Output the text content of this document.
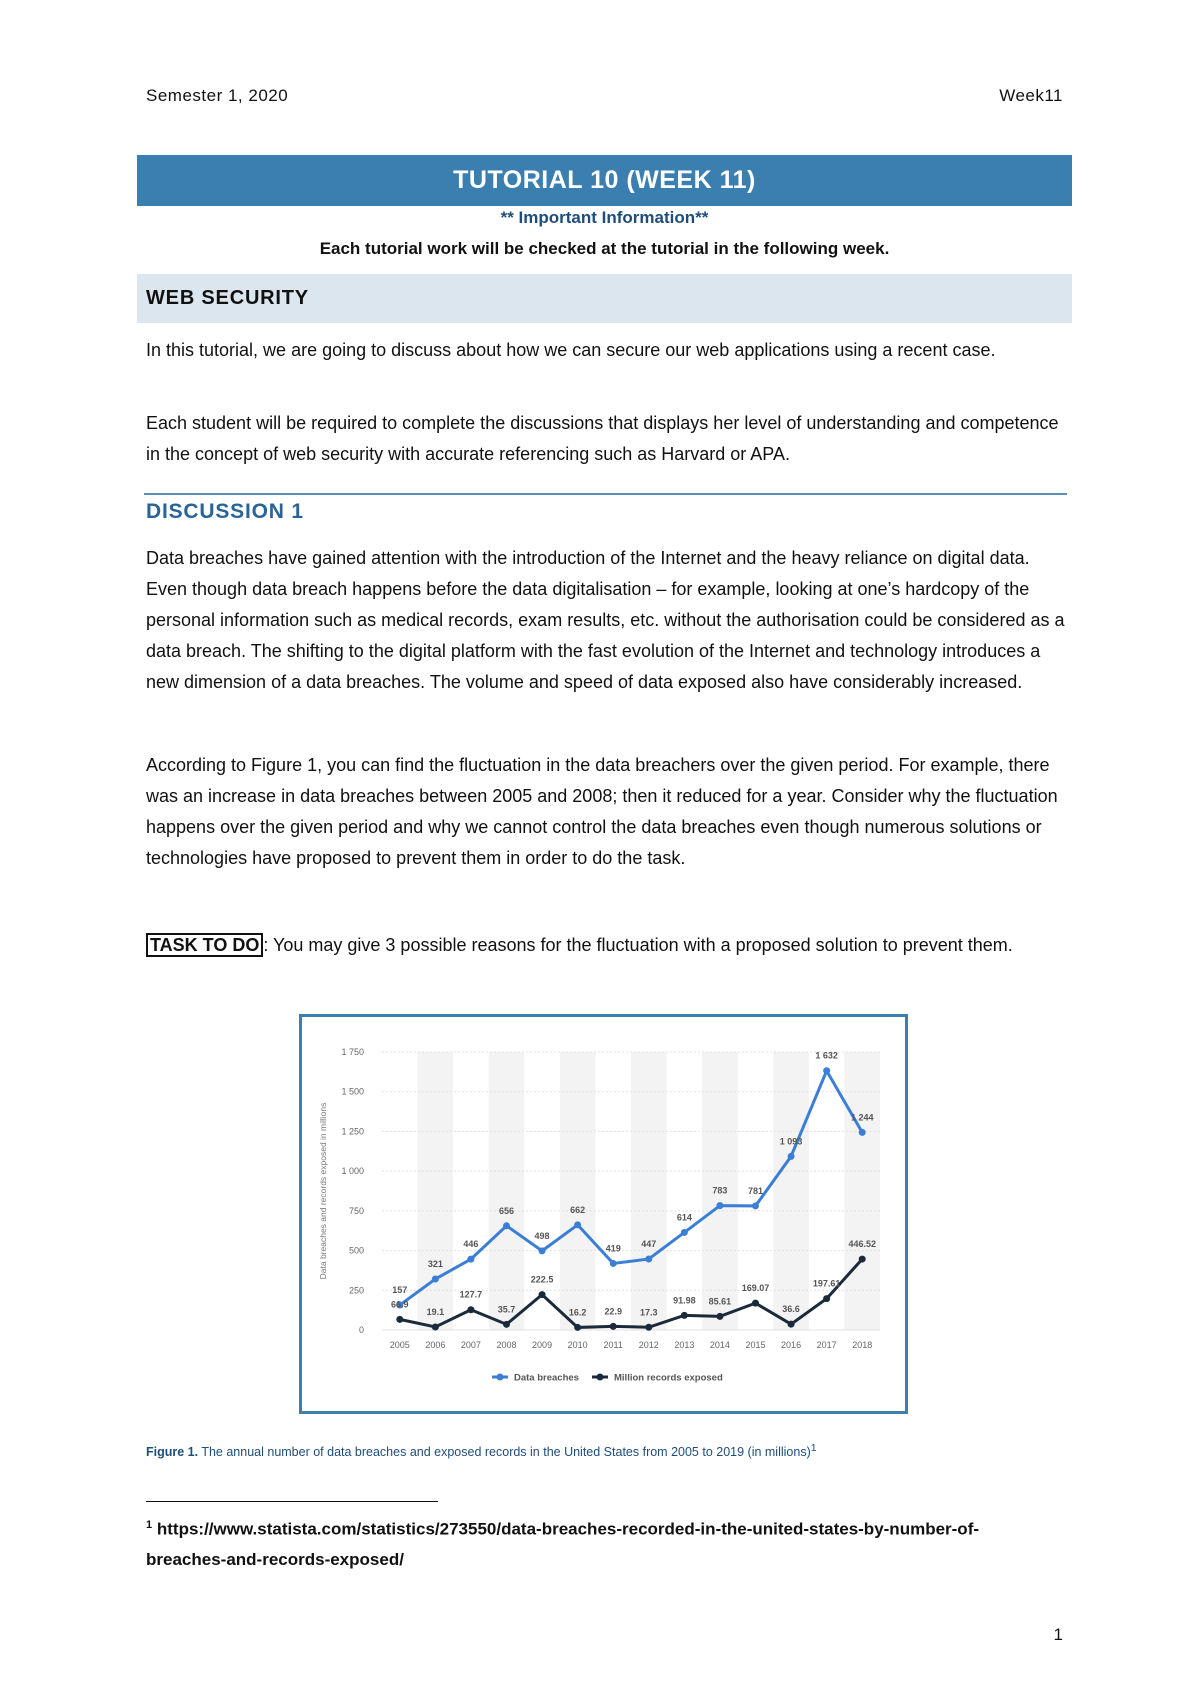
Semester 1, 2020	Week11
TUTORIAL 10 (WEEK 11)
** Important Information**
Each tutorial work will be checked at the tutorial in the following week.
WEB SECURITY

In this tutorial, we are going to discuss about how we can secure our web applications using a recent case.

Each student will be required to complete the discussions that displays her level of understanding and competence in the concept of web security with accurate referencing such as Harvard or APA.

DISCUSSION 1

Data breaches have gained attention with the introduction of the Internet and the heavy reliance on digital data. Even though data breach happens before the data digitalisation – for example, looking at one’s hardcopy of the personal information such as medical records, exam results, etc. without the authorisation could be considered as a data breach. The shifting to the digital platform with the fast evolution of the Internet and technology introduces a new dimension of a data breaches. The volume and speed of data exposed also have considerably increased.

According to Figure 1, you can find the fluctuation in the data breachers over the given period. For example, there was an increase in data breaches between 2005 and 2008; then it reduced for a year. Consider why the fluctuation happens over the given period and why we cannot control the data breaches even though numerous solutions or technologies have proposed to prevent them in order to do the task.

TASK TO DO : You may give 3 possible reasons for the fluctuation with a proposed solution to prevent them.

0
250
500
750
1 000
1 250
1 500
1 750
Data breaches and records exposed in millions
2005 2006 2007 2008 2009 2010 2011 2012 2013 2014 2015 2016 2017 2018
157
321
446
656
498
662
419 447
614
783 781
1 093
1 632
1 244
66.9
19.1
127.7
35.7
222.5
16.2 22.9 17.3
91.98 85.61
169.07
36.6
197.61
446.52
Data breaches	Million records exposed
Figure 1. The annual number of data breaches and exposed records in the United States from 2005 to 2019 (in millions)$^1$
$^1$ https://www.statista.com/statistics/273550/data-breaches-recorded-in-the-united-states-by-number-of-breaches-and-records-exposed/
1
